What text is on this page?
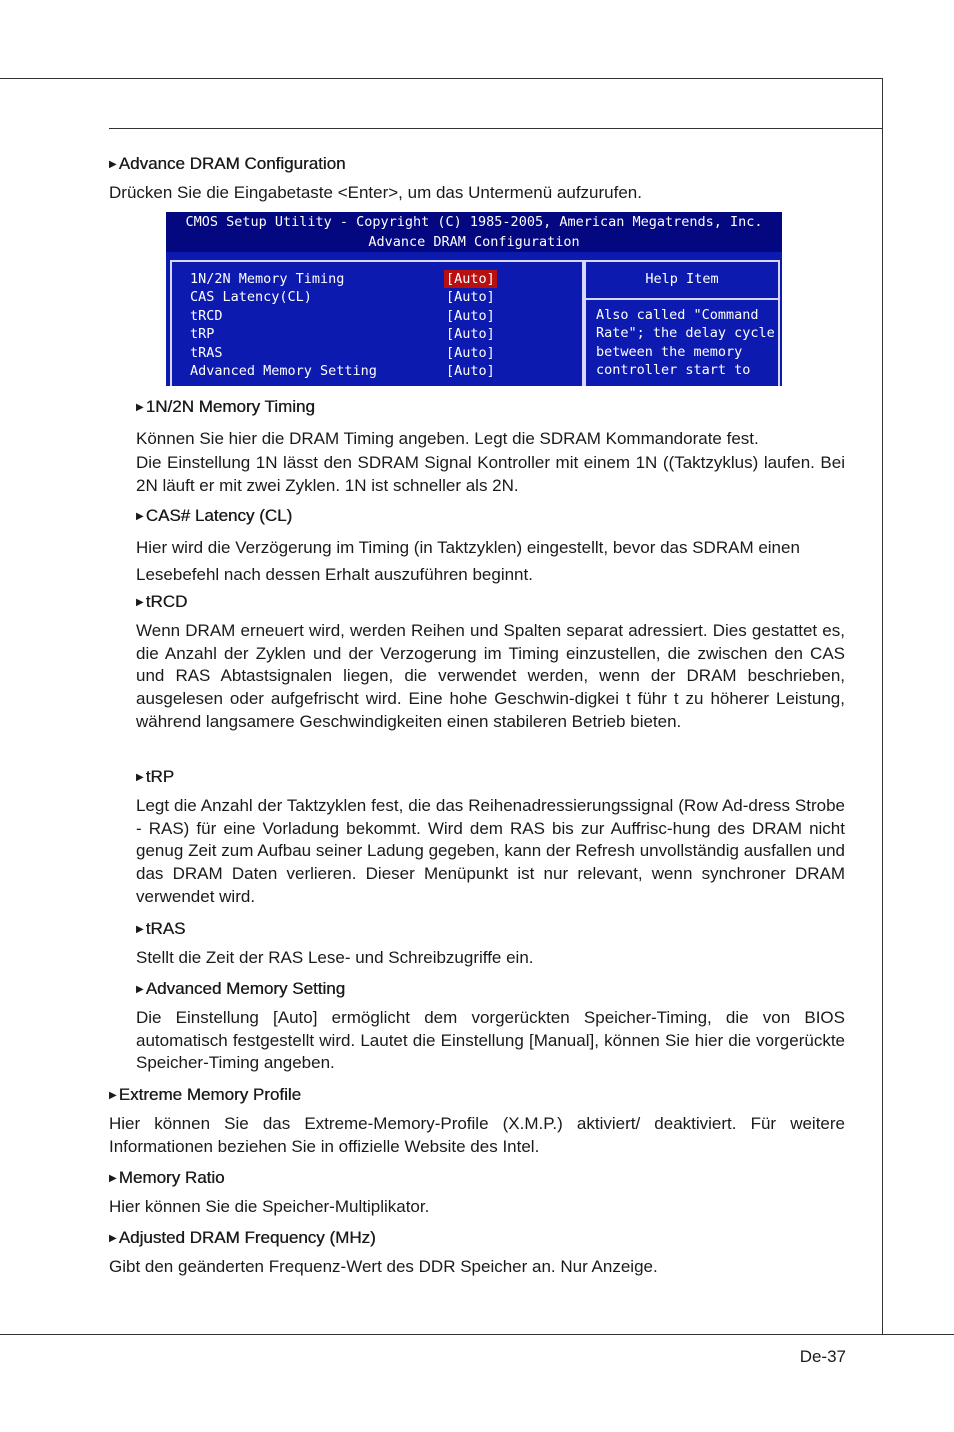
▶ Advance DRAM Configuration

Drücken Sie die Eingabetaste <Enter>, um das Untermenü aufzurufen.

CMOS Setup Utility - Copyright (C) 1985-2005, American Megatrends, Inc.
Advance DRAM Configuration
1N/2N Memory Timing	[Auto]
CAS Latency(CL)	[Auto]
tRCD	[Auto]
tRP	[Auto]
tRAS	[Auto]
Advanced Memory Setting	[Auto]
Help Item
Also called "Command
Rate"; the delay cycle
between the memory
controller start to
▶ 1N/2N Memory Timing

Können Sie hier die DRAM Timing angeben. Legt die SDRAM Kommandorate fest.

Die Einstellung 1N lässt den SDRAM Signal Kontroller mit einem 1N ((Taktzyklus) laufen. Bei 2N läuft er mit zwei Zyklen. 1N ist schneller als 2N.

▶ CAS# Latency (CL)

Hier wird die Verzögerung im Timing (in Taktzyklen) eingestellt, bevor das SDRAM einen Lesebefehl nach dessen Erhalt auszuführen beginnt.

▶ tRCD

Wenn DRAM erneuert wird, werden Reihen und Spalten separat adressiert. Dies gestattet es, die Anzahl der Zyklen und der Verzogerung im Timing einzustellen, die zwischen den CAS und RAS Abtastsignalen liegen, die verwendet werden, wenn der DRAM beschrieben, ausgelesen oder aufgefrischt wird. Eine hohe Geschwin-digkei t führ t zu höherer Leistung, während langsamere Geschwindigkeiten einen stabileren Betrieb bieten.

▶ tRP

Legt die Anzahl der Taktzyklen fest, die das Reihenadressierungssignal (Row Ad-dress Strobe - RAS) für eine Vorladung bekommt. Wird dem RAS bis zur Auffrisc-hung des DRAM nicht genug Zeit zum Aufbau seiner Ladung gegeben, kann der Refresh unvollständig ausfallen und das DRAM Daten verlieren. Dieser Menüpunkt ist nur relevant, wenn synchroner DRAM verwendet wird.

▶ tRAS

Stellt die Zeit der RAS Lese- und Schreibzugriffe ein.

▶ Advanced Memory Setting

Die Einstellung [Auto] ermöglicht dem vorgerückten Speicher-Timing, die von BIOS automatisch festgestellt wird. Lautet die Einstellung [Manual], können Sie hier die vorgerückte Speicher-Timing angeben.

▶ Extreme Memory Profile

Hier können Sie das Extreme-Memory-Profile (X.M.P.) aktiviert/ deaktiviert. Für weitere Informationen beziehen Sie in offizielle Website des Intel.

▶ Memory Ratio

Hier können Sie die Speicher-Multiplikator.

▶ Adjusted DRAM Frequency (MHz)

Gibt den geänderten Frequenz-Wert des DDR Speicher an. Nur Anzeige.

De-37
